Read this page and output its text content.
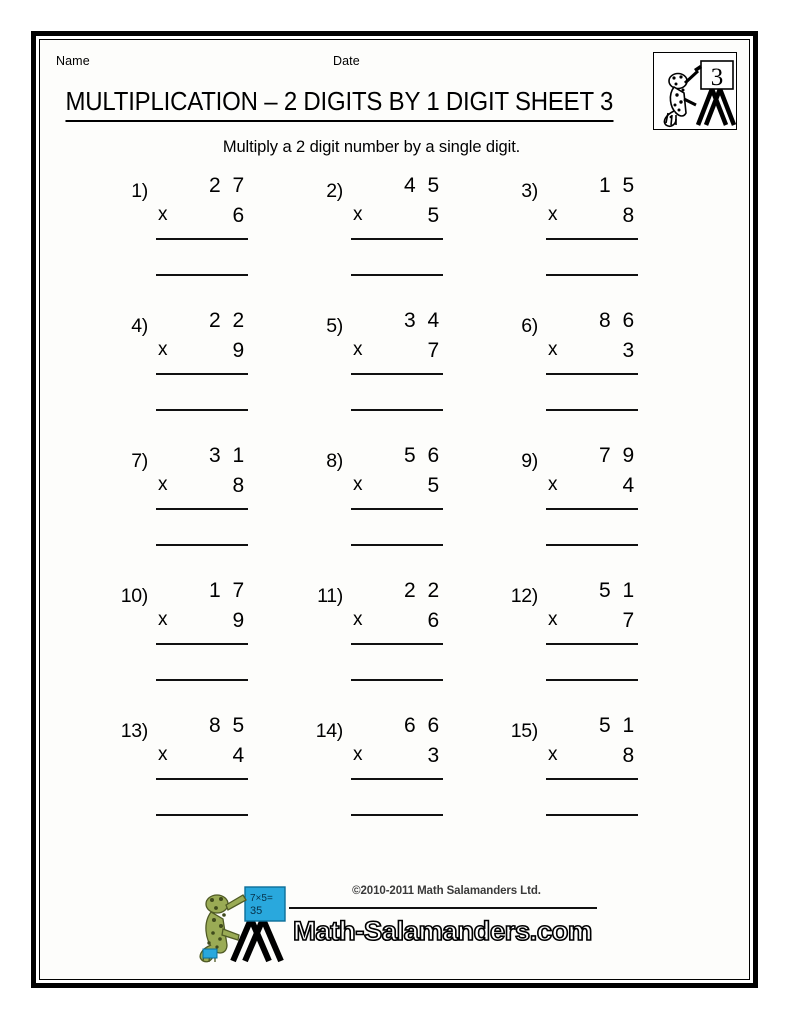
Name	Date
3
MULTIPLICATION – 2 DIGITS BY 1 DIGIT SHEET 3
Multiply a 2 digit number by a single digit.
1)	2 7
x	6
2)	4 5
x	5
3)	1 5
x	8
4)	2 2
x	9
5)	3 4
x	7
6)	8 6
x	3
7)	3 1
x	8
8)	5 6
x	5
9)	7 9
x	4
10)	1 7
x	9
11)	2 2
x	6
12)	5 1
x	7
13)	8 5
x	4
14)	6 6
x	3
15)	5 1
x	8
7×5=
35
©2010-2011 Math Salamanders Ltd.
Math-Salamanders.com
